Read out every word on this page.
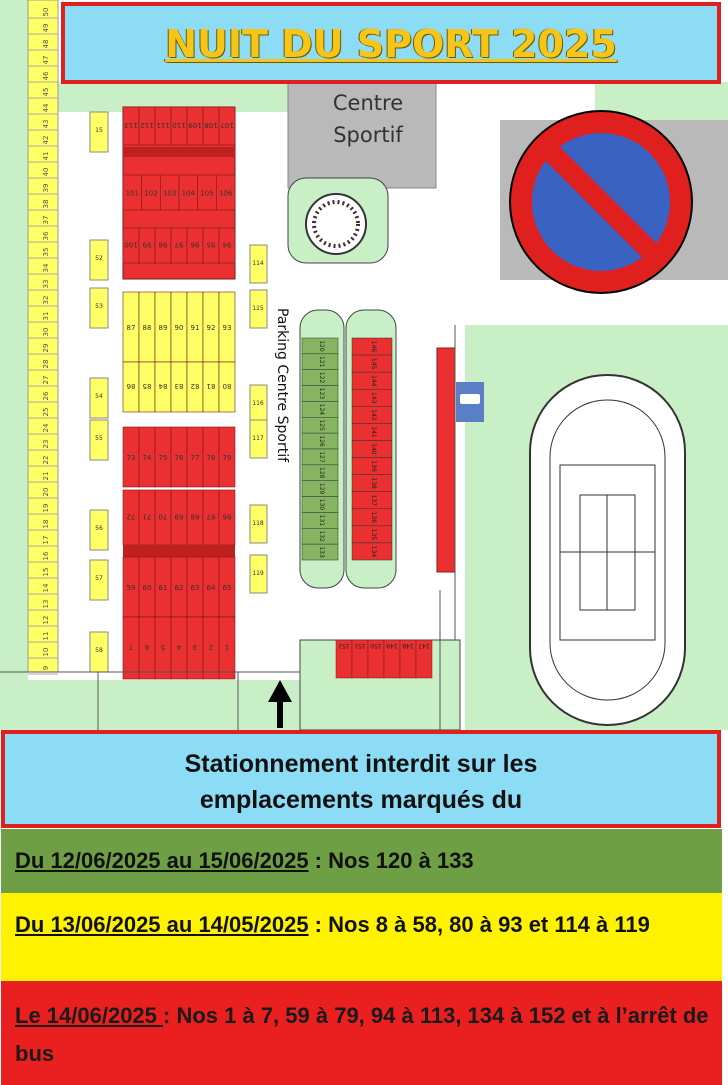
Centre
Sportif
50
49
48
47
46
45
44
43
42
41
40
39
38
37
36
35
34
33
32
31
30
29
28
27
26
25
24
23
22
21
20
19
18
17
16
15
14
13
12
11
10
9
113 112 111 110 109 108 107
101 102 103 104 105 106
100 99 98 97 96 95 94
87 88 89 90 91 92 93
86 85 84 83 82 81 80
73 74 75 76 77 78 79
72 71 70 69 68 67 66
59 60 61 62 63 64 65
7 6 5 4 3 2 1
15
52
53
54
55
56
57
58
114
115
116
117
118
119
120
121
122
123
124
125
126
127
128
129
130
131
132
133
146
145
144
143
142
141
140
139
138
137
136
135
134
Parking Centre Sportif
152 151 150 149 148 147
NUIT DU SPORT 2025
Stationnement interdit sur les
emplacements marqués du
Du 12/06/2025 au 15/06/2025 : Nos 120 à 133
Du 13/06/2025 au 14/05/2025 : Nos 8 à 58, 80 à 93 et 114 à 119
Le 14/06/2025 : Nos 1 à 7, 59 à 79, 94 à 113, 134 à 152 et à l’arrêt de bus
